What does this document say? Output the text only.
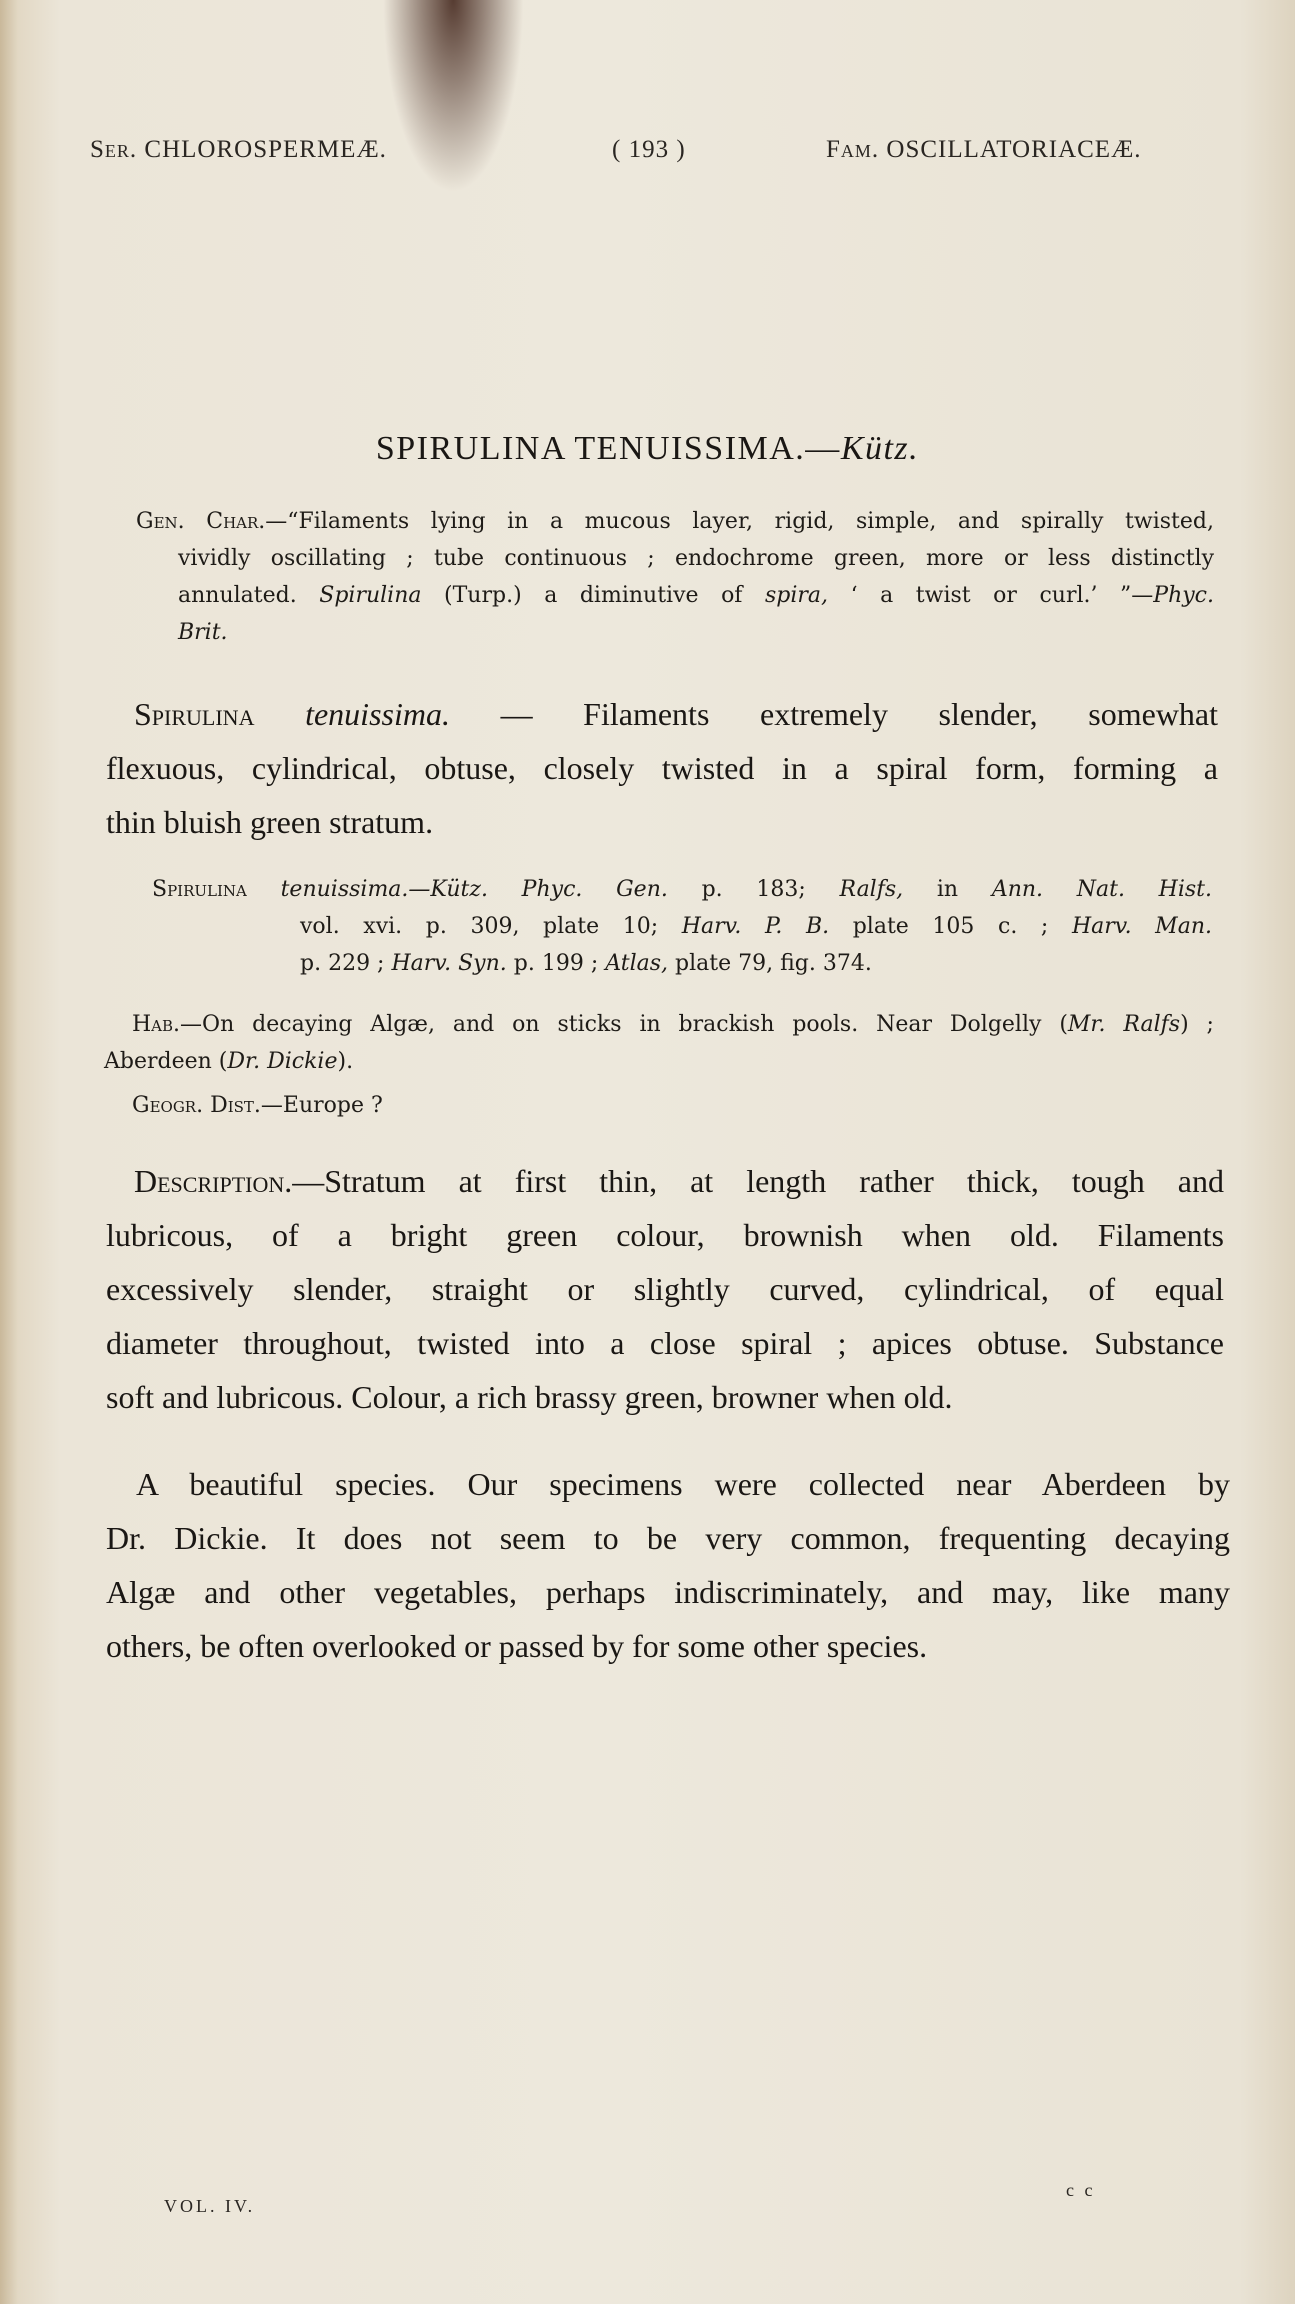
Ser. CHLOROSPERMEÆ.	( 193 )	Fam. OSCILLATORIACEÆ.
SPIRULINA TENUISSIMA.—Kütz.
Gen. Char.—“Filaments lying in a mucous layer, rigid, simple, and spirally twisted,
vividly oscillating ; tube continuous ; endochrome green, more or less distinctly
annulated. Spirulina (Turp.) a diminutive of spira, ‘ a twist or curl.’ ”—Phyc.
Brit.
Spirulina tenuissima. — Filaments extremely slender, somewhat
flexuous, cylindrical, obtuse, closely twisted in a spiral form, forming a
thin bluish green stratum.
Spirulina tenuissima.—Kütz. Phyc. Gen. p. 183; Ralfs, in Ann. Nat. Hist.
vol. xvi. p. 309, plate 10; Harv. P. B. plate 105 c. ; Harv. Man.
p. 229 ; Harv. Syn. p. 199 ; Atlas, plate 79, fig. 374.
Hab.—On decaying Algæ, and on sticks in brackish pools. Near Dolgelly (Mr. Ralfs) ;
Aberdeen (Dr. Dickie).
Geogr. Dist.—Europe ?
Description.—Stratum at first thin, at length rather thick, tough and
lubricous, of a bright green colour, brownish when old. Filaments
excessively slender, straight or slightly curved, cylindrical, of equal
diameter throughout, twisted into a close spiral ; apices obtuse. Substance
soft and lubricous. Colour, a rich brassy green, browner when old.
A beautiful species. Our specimens were collected near Aberdeen by
Dr. Dickie. It does not seem to be very common, frequenting decaying
Algæ and other vegetables, perhaps indiscriminately, and may, like many
others, be often overlooked or passed by for some other species.
VOL. IV.
c c
